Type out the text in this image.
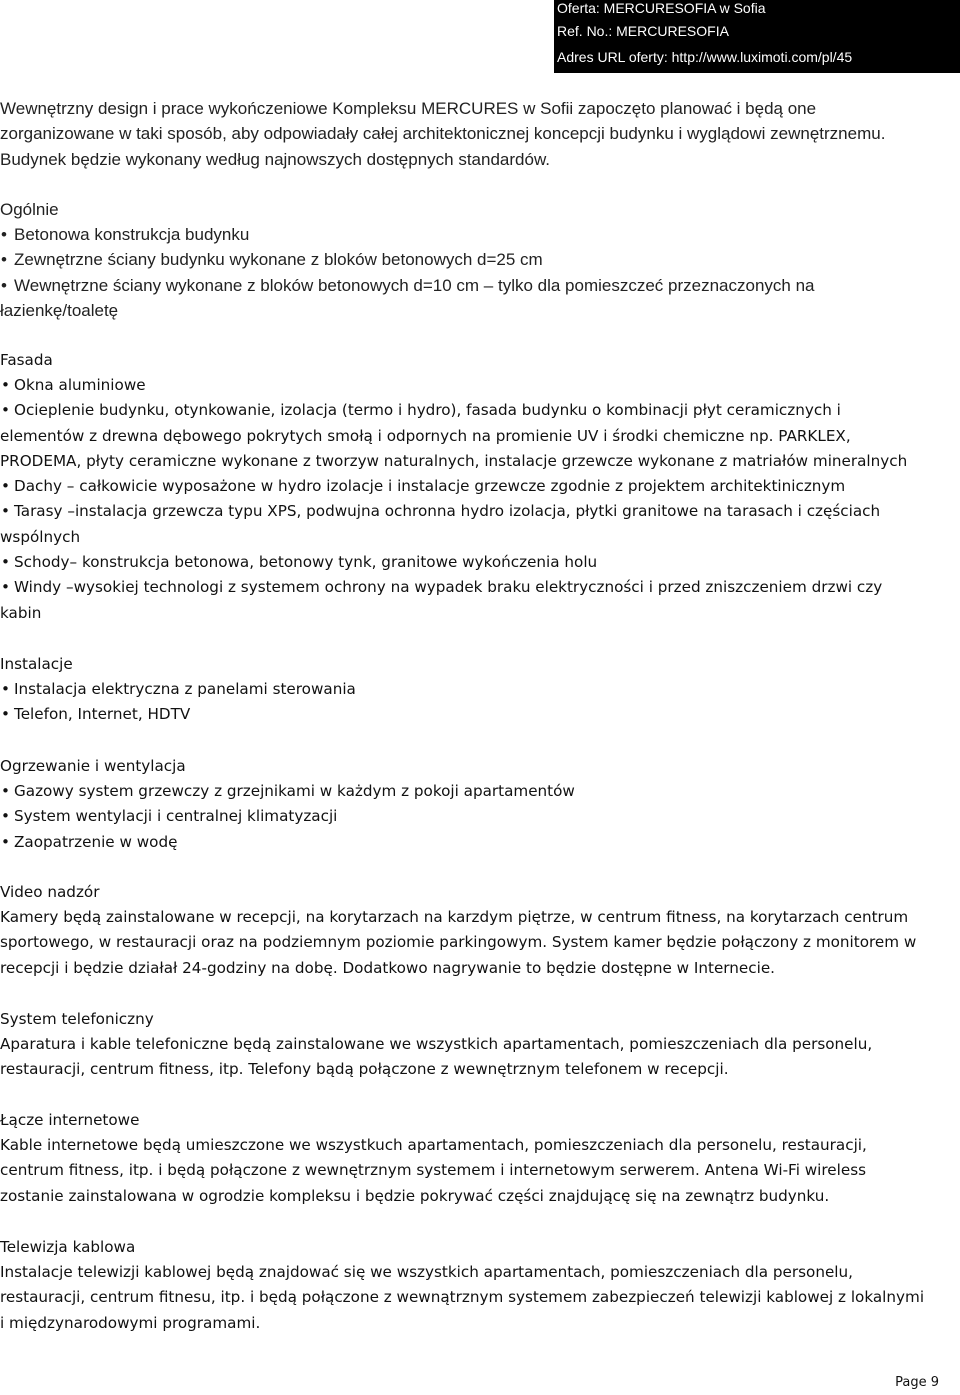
Oferta: MERCURESOFIA w Sofia
Ref. No.: MERCURESOFIA
Adres URL oferty: http://www.luximoti.com/pl/45
Wewnętrzny design i prace wykończeniowe Kompleksu MERCURES w Sofii zapoczęto planować i będą one
zorganizowane w taki sposób, aby odpowiadały całej architektonicznej koncepcji budynku i wyglądowi zewnętrznemu.
Budynek będzie wykonany według najnowszych dostępnych standardów.
Ogólnie
• Betonowa konstrukcja budynku
• Zewnętrzne ściany budynku wykonane z bloków betonowych d=25 cm
• Wewnętrzne ściany wykonane z bloków betonowych d=10 cm – tylko dla pomieszczeć przeznaczonych na
łazienkę/toaletę
Fasada
• Okna aluminiowe
• Ocieplenie budynku, otynkowanie, izolacja (termo i hydro), fasada budynku o kombinacji płyt ceramicznych i
elementów z drewna dębowego pokrytych smołą i odpornych na promienie UV i środki chemiczne np. PARKLEX,
PRODEMA, płyty ceramiczne wykonane z tworzyw naturalnych, instalacje grzewcze wykonane z matriałów mineralnych
• Dachy – całkowicie wyposażone w hydro izolacje i instalacje grzewcze zgodnie z projektem architektinicznym
• Tarasy –instalacja grzewcza typu XPS, podwujna ochronna hydro izolacja, płytki granitowe na tarasach i częściach
wspólnych
• Schody– konstrukcja betonowa, betonowy tynk, granitowe wykończenia holu
• Windy –wysokiej technologi z systemem ochrony na wypadek braku elektryczności i przed zniszczeniem drzwi czy
kabin
Instalacje
• Instalacja elektryczna z panelami sterowania
• Telefon, Internet, HDTV
Ogrzewanie i wentylacja
• Gazowy system grzewczy z grzejnikami w każdym z pokoji apartamentów
• System wentylacji i centralnej klimatyzacji
• Zaopatrzenie w wodę
Video nadzór
Kamery będą zainstalowane w recepcji, na korytarzach na karzdym piętrze, w centrum fitness, na korytarzach centrum
sportowego, w restauracji oraz na podziemnym poziomie parkingowym. System kamer będzie połączony z monitorem w
recepcji i będzie działał 24-godziny na dobę. Dodatkowo nagrywanie to będzie dostępne w Internecie.
System telefoniczny
Aparatura i kable telefoniczne będą zainstalowane we wszystkich apartamentach, pomieszczeniach dla personelu,
restauracji, centrum fitness, itp. Telefony bądą połączone z wewnętrznym telefonem w recepcji.
Łącze internetowe
Kable internetowe będą umieszczone we wszystkuch apartamentach, pomieszczeniach dla personelu, restauracji,
centrum fitness, itp. i będą połączone z wewnętrznym systemem i internetowym serwerem. Antena Wi-Fi wireless
zostanie zainstalowana w ogrodzie kompleksu i będzie pokrywać części znajdującę się na zewnątrz budynku.
Telewizja kablowa
Instalacje telewizji kablowej będą znajdować się we wszystkich apartamentach, pomieszczeniach dla personelu,
restauracji, centrum fitnesu, itp. i będą połączone z wewnątrznym systemem zabezpieczeń telewizji kablowej z lokalnymi
i międzynarodowymi programami.
Page 9
